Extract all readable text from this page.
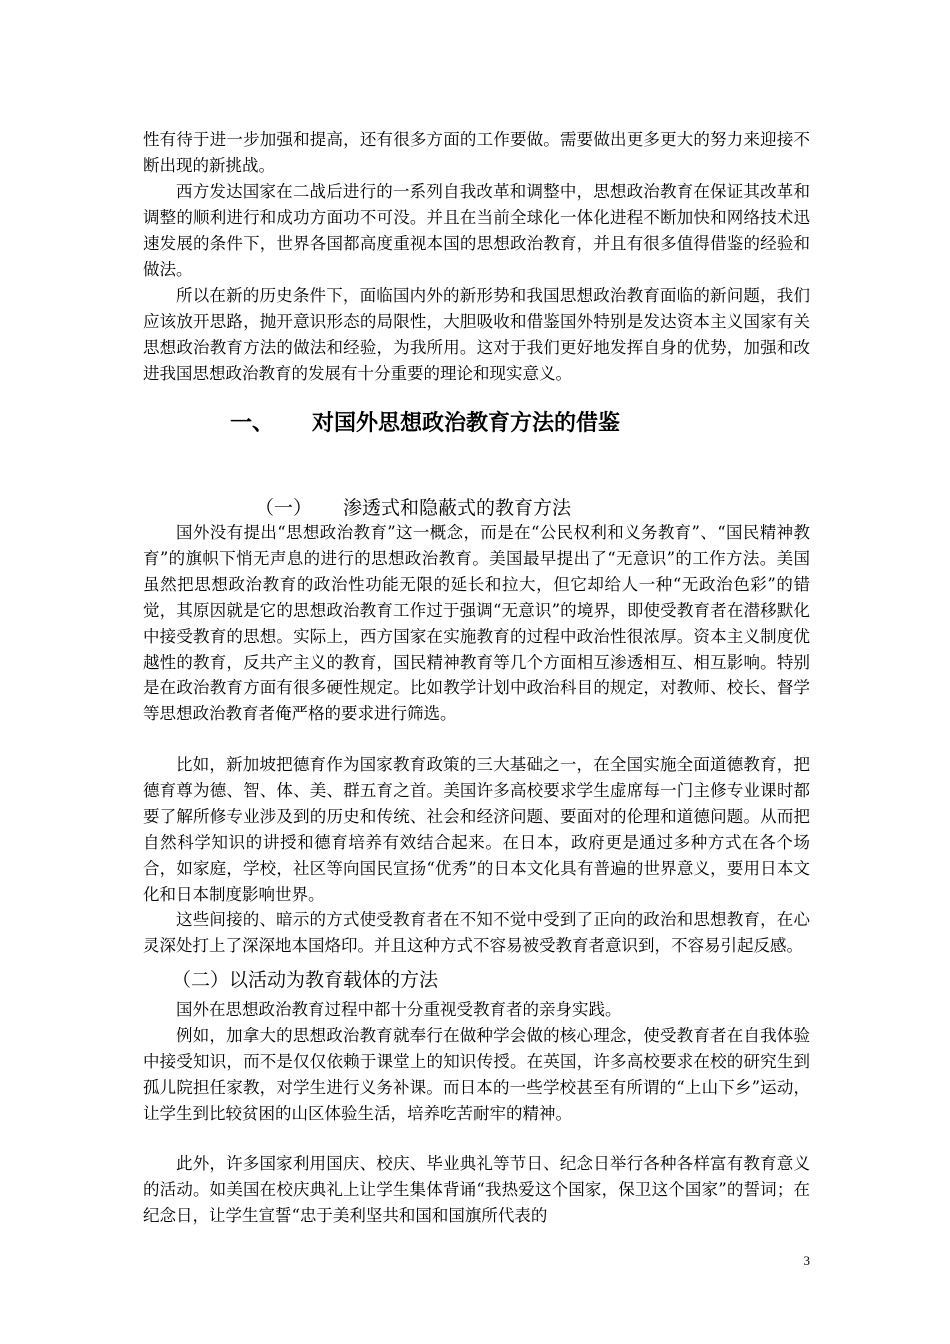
性有待于进一步加强和提高，还有很多方面的工作要做。需要做出更多更大的努力来迎接不断出现的新挑战。

西方发达国家在二战后进行的一系列自我改革和调整中，思想政治教育在保证其改革和调整的顺利进行和成功方面功不可没。并且在当前全球化一体化进程不断加快和网络技术迅速发展的条件下，世界各国都高度重视本国的思想政治教育，并且有很多值得借鉴的经验和做法。

所以在新的历史条件下，面临国内外的新形势和我国思想政治教育面临的新问题，我们应该放开思路，抛开意识形态的局限性，大胆吸收和借鉴国外特别是发达资本主义国家有关思想政治教育方法的做法和经验，为我所用。这对于我们更好地发挥自身的优势，加强和改进我国思想政治教育的发展有十分重要的理论和现实意义。

一、 对国外思想政治教育方法的借鉴
（一） 渗透式和隐蔽式的教育方法

国外没有提出“思想政治教育”这一概念，而是在“公民权利和义务教育”、“国民精神教育”的旗帜下悄无声息的进行的思想政治教育。美国最早提出了“无意识”的工作方法。美国虽然把思想政治教育的政治性功能无限的延长和拉大，但它却给人一种“无政治色彩”的错觉，其原因就是它的思想政治教育工作过于强调“无意识”的境界，即使受教育者在潜移默化中接受教育的思想。实际上，西方国家在实施教育的过程中政治性很浓厚。资本主义制度优越性的教育，反共产主义的教育，国民精神教育等几个方面相互渗透相互、相互影响。特别是在政治教育方面有很多硬性规定。比如教学计划中政治科目的规定，对教师、校长、督学等思想政治教育者俺严格的要求进行筛选。

比如，新加坡把德育作为国家教育政策的三大基础之一，在全国实施全面道德教育，把德育尊为德、智、体、美、群五育之首。美国许多高校要求学生虚席每一门主修专业课时都要了解所修专业涉及到的历史和传统、社会和经济问题、要面对的伦理和道德问题。从而把自然科学知识的讲授和德育培养有效结合起来。在日本，政府更是通过多种方式在各个场合，如家庭，学校，社区等向国民宣扬“优秀”的日本文化具有普遍的世界意义，要用日本文化和日本制度影响世界。

这些间接的、暗示的方式使受教育者在不知不觉中受到了正向的政治和思想教育，在心灵深处打上了深深地本国烙印。并且这种方式不容易被受教育者意识到，不容易引起反感。

（二）以活动为教育载体的方法

国外在思想政治教育过程中都十分重视受教育者的亲身实践。

例如，加拿大的思想政治教育就奉行在做种学会做的核心理念，使受教育者在自我体验中接受知识，而不是仅仅依赖于课堂上的知识传授。在英国，许多高校要求在校的研究生到孤儿院担任家教，对学生进行义务补课。而日本的一些学校甚至有所谓的“上山下乡”运动，让学生到比较贫困的山区体验生活，培养吃苦耐牢的精神。

此外，许多国家利用国庆、校庆、毕业典礼等节日、纪念日举行各种各样富有教育意义的活动。如美国在校庆典礼上让学生集体背诵“我热爱这个国家，保卫这个国家”的誓词；在纪念日，让学生宣誓“忠于美利坚共和国和国旗所代表的

3
